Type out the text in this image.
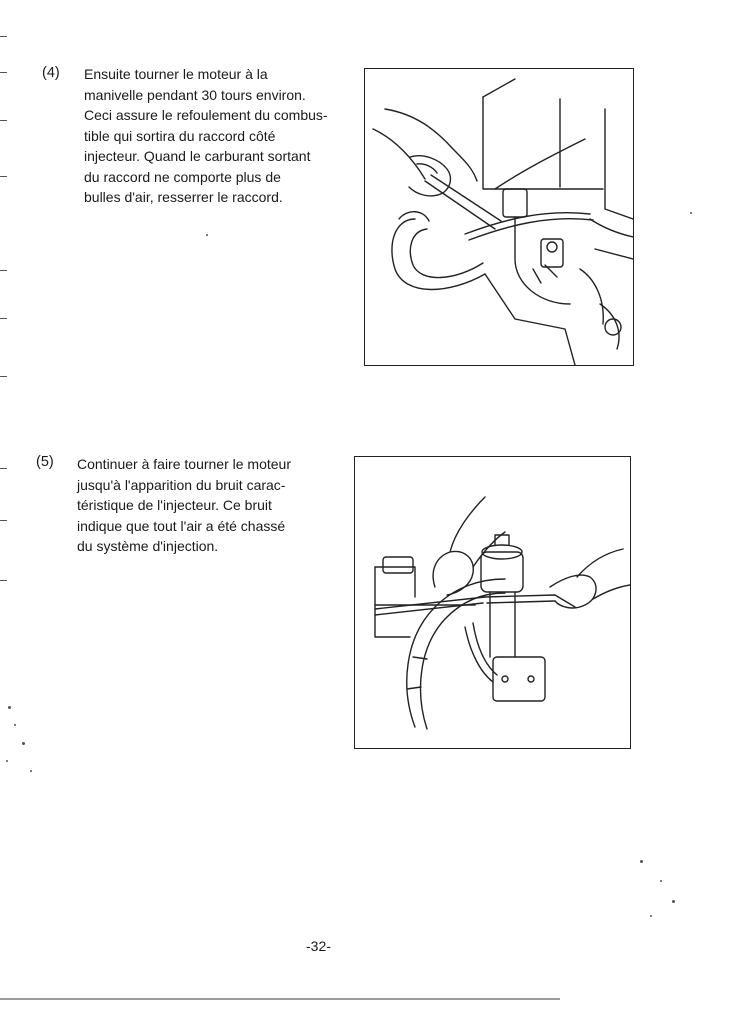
(4) Ensuite tourner le moteur à la
manivelle pendant 30 tours environ.
Ceci assure le refoulement du combus-
tible qui sortira du raccord côté
injecteur. Quand le carburant sortant
du raccord ne comporte plus de
bulles d'air, resserrer le raccord.
(5) Continuer à faire tourner le moteur
jusqu'à l'apparition du bruit carac-
téristique de l'injecteur. Ce bruit
indique que tout l'air a été chassé
du système d'injection.
-32-
